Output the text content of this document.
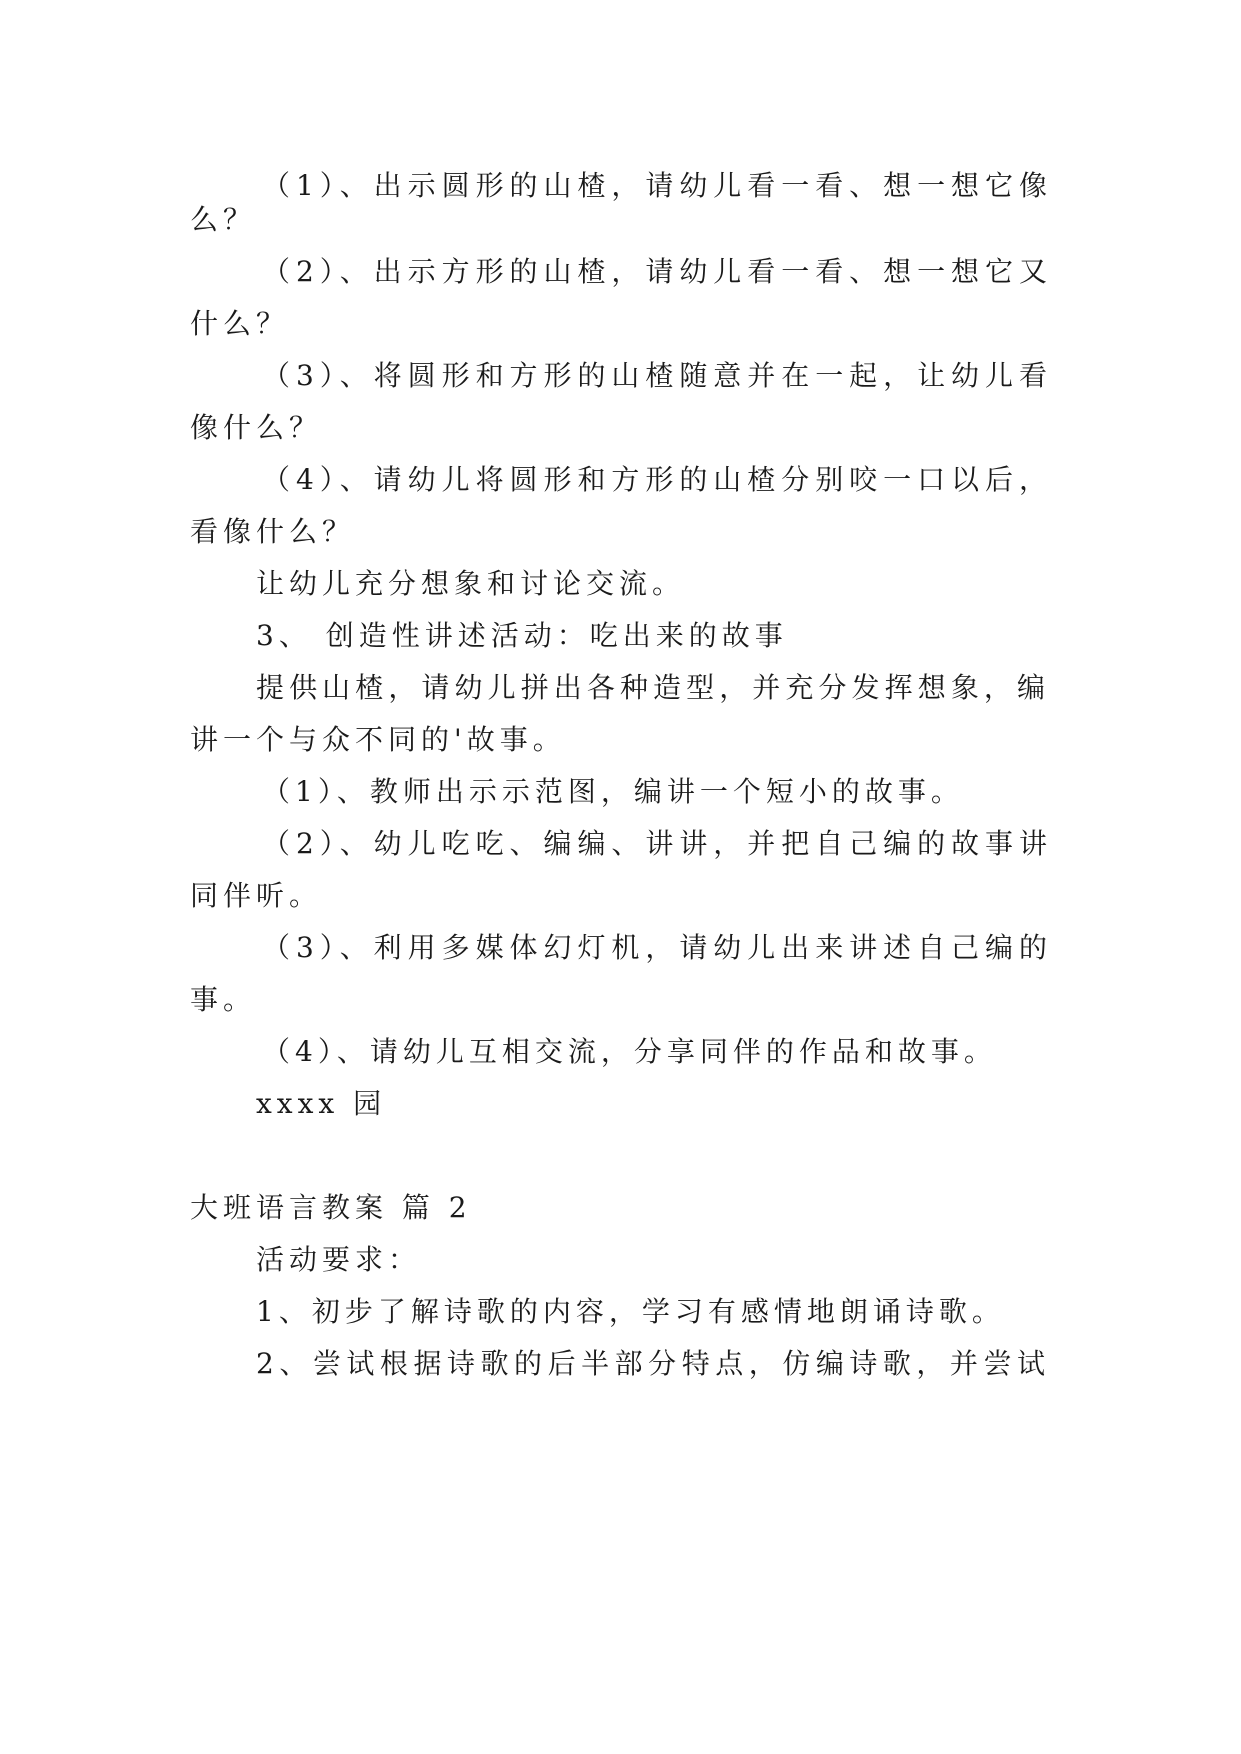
（1）、出示圆形的山楂，请幼儿看一看、想一想它像
么？
（2）、出示方形的山楂，请幼儿看一看、想一想它又
什么？
（3）、将圆形和方形的山楂随意并在一起，让幼儿看
像什么？
（4）、请幼儿将圆形和方形的山楂分别咬一口以后，
看像什么？
让幼儿充分想象和讨论交流。
3、 创造性讲述活动：吃出来的故事
提供山楂，请幼儿拼出各种造型，并充分发挥想象，编
讲一个与众不同的'故事。
（1）、教师出示示范图，编讲一个短小的故事。
（2）、幼儿吃吃、编编、讲讲，并把自己编的故事讲
同伴听。
（3）、利用多媒体幻灯机，请幼儿出来讲述自己编的
事。
（4）、请幼儿互相交流，分享同伴的作品和故事。
xxxx 园
大班语言教案 篇 2
活动要求：
1、初步了解诗歌的内容，学习有感情地朗诵诗歌。
2、尝试根据诗歌的后半部分特点，仿编诗歌，并尝试
